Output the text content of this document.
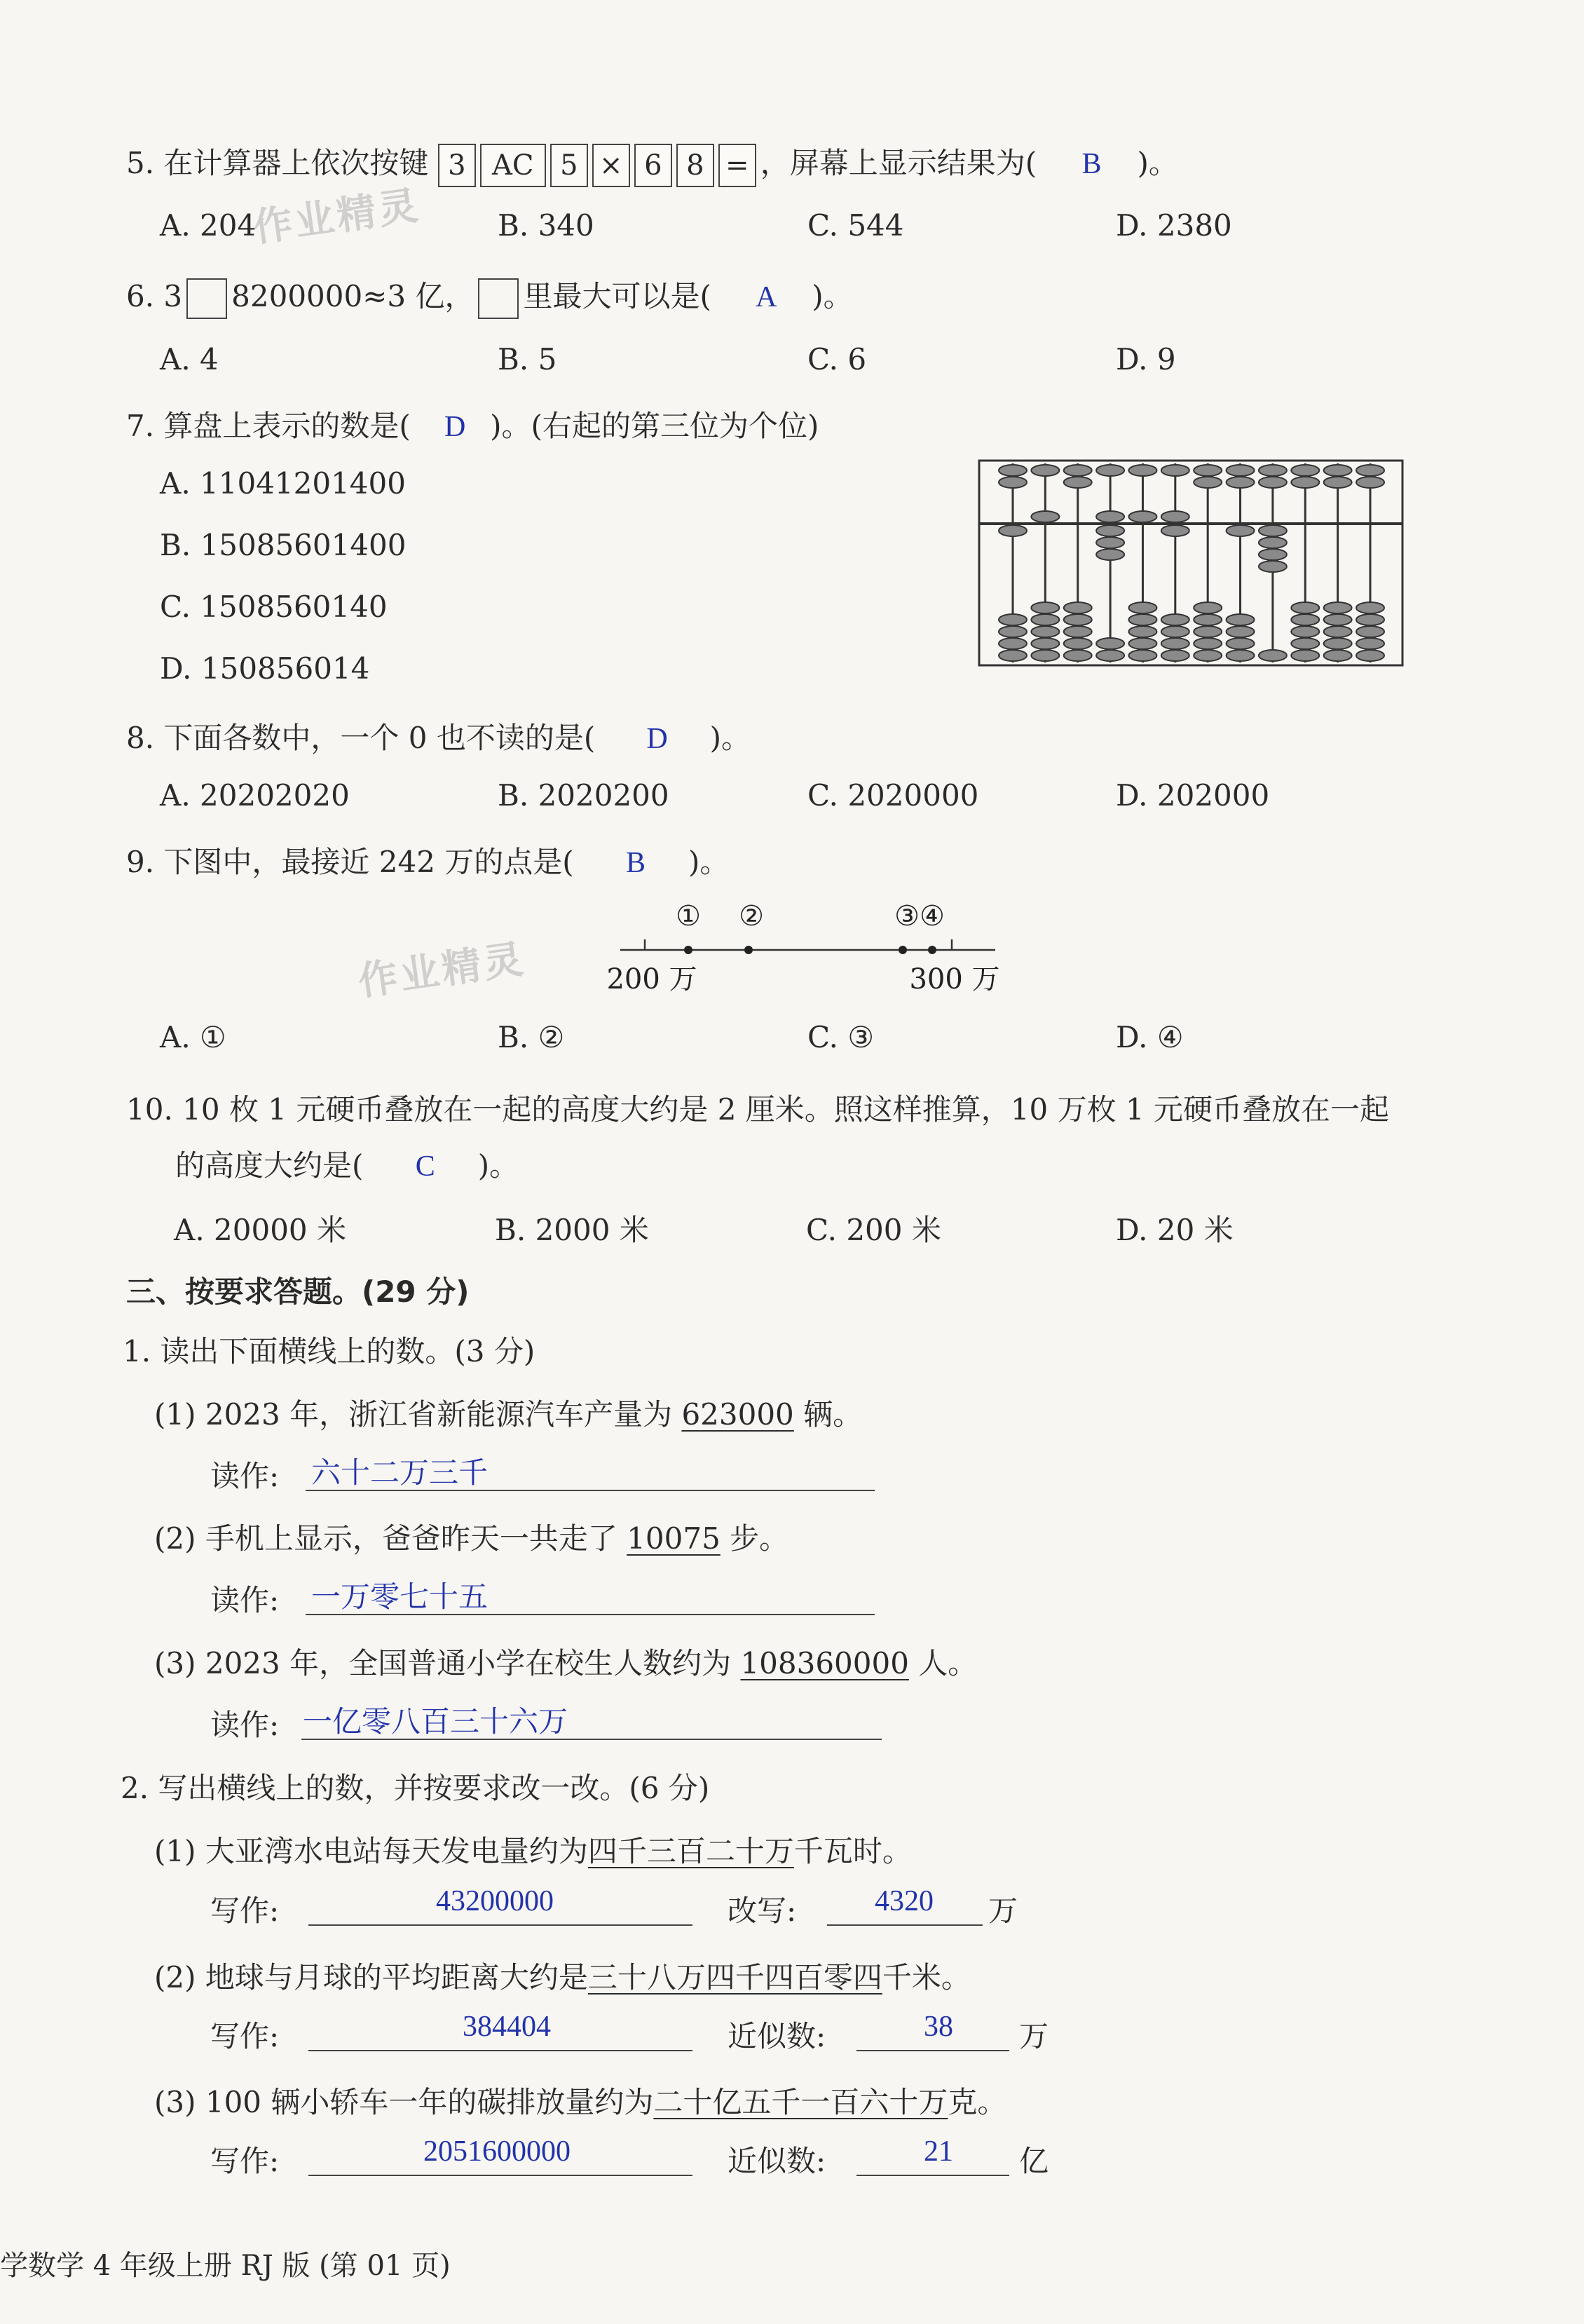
作业精灵
作业精灵
5. 在计算器上依次按键 3 AC 5 × 6 8 = ，屏幕上显示结果为( B )。
A. 204	B. 340	C. 544	D. 2380
6. 3 8200000≈3 亿， 里最大可以是( A )。
A. 4	B. 5	C. 6	D. 9
7. 算盘上表示的数是( D )。(右起的第三位为个位)
A. 11041201400
B. 15085601400
C. 1508560140
D. 150856014
8. 下面各数中，一个 0 也不读的是( D )。
A. 20202020	B. 2020200	C. 2020000	D. 202000
9. 下图中，最接近 242 万的点是( B )。
① ②	③④
200 万	300 万
A. ①	B. ②	C. ③	D. ④
10. 10 枚 1 元硬币叠放在一起的高度大约是 2 厘米。照这样推算，10 万枚 1 元硬币叠放在一起
的高度大约是( C )。
A. 20000 米	B. 2000 米	C. 200 米	D. 20 米
三、按要求答题。(29 分)
1. 读出下面横线上的数。(3 分)
(1) 2023 年，浙江省新能源汽车产量为 623000 辆。
读作: 六十二万三千
(2) 手机上显示，爸爸昨天一共走了 10075 步。
读作: 一万零七十五
(3) 2023 年，全国普通小学在校生人数约为 108360000 人。
读作: 一亿零八百三十六万
2. 写出横线上的数，并按要求改一改。(6 分)
(1) 大亚湾水电站每天发电量约为四千三百二十万千瓦时。
写作:	43200000	改写:	4320 万
(2) 地球与月球的平均距离大约是三十八万四千四百零四千米。
写作:	384404	近似数:	38 万
(3) 100 辆小轿车一年的碳排放量约为二十亿五千一百六十万克。
写作:	2051600000	近似数:	21 亿
学数学 4 年级上册 RJ 版 (第 01 页)
